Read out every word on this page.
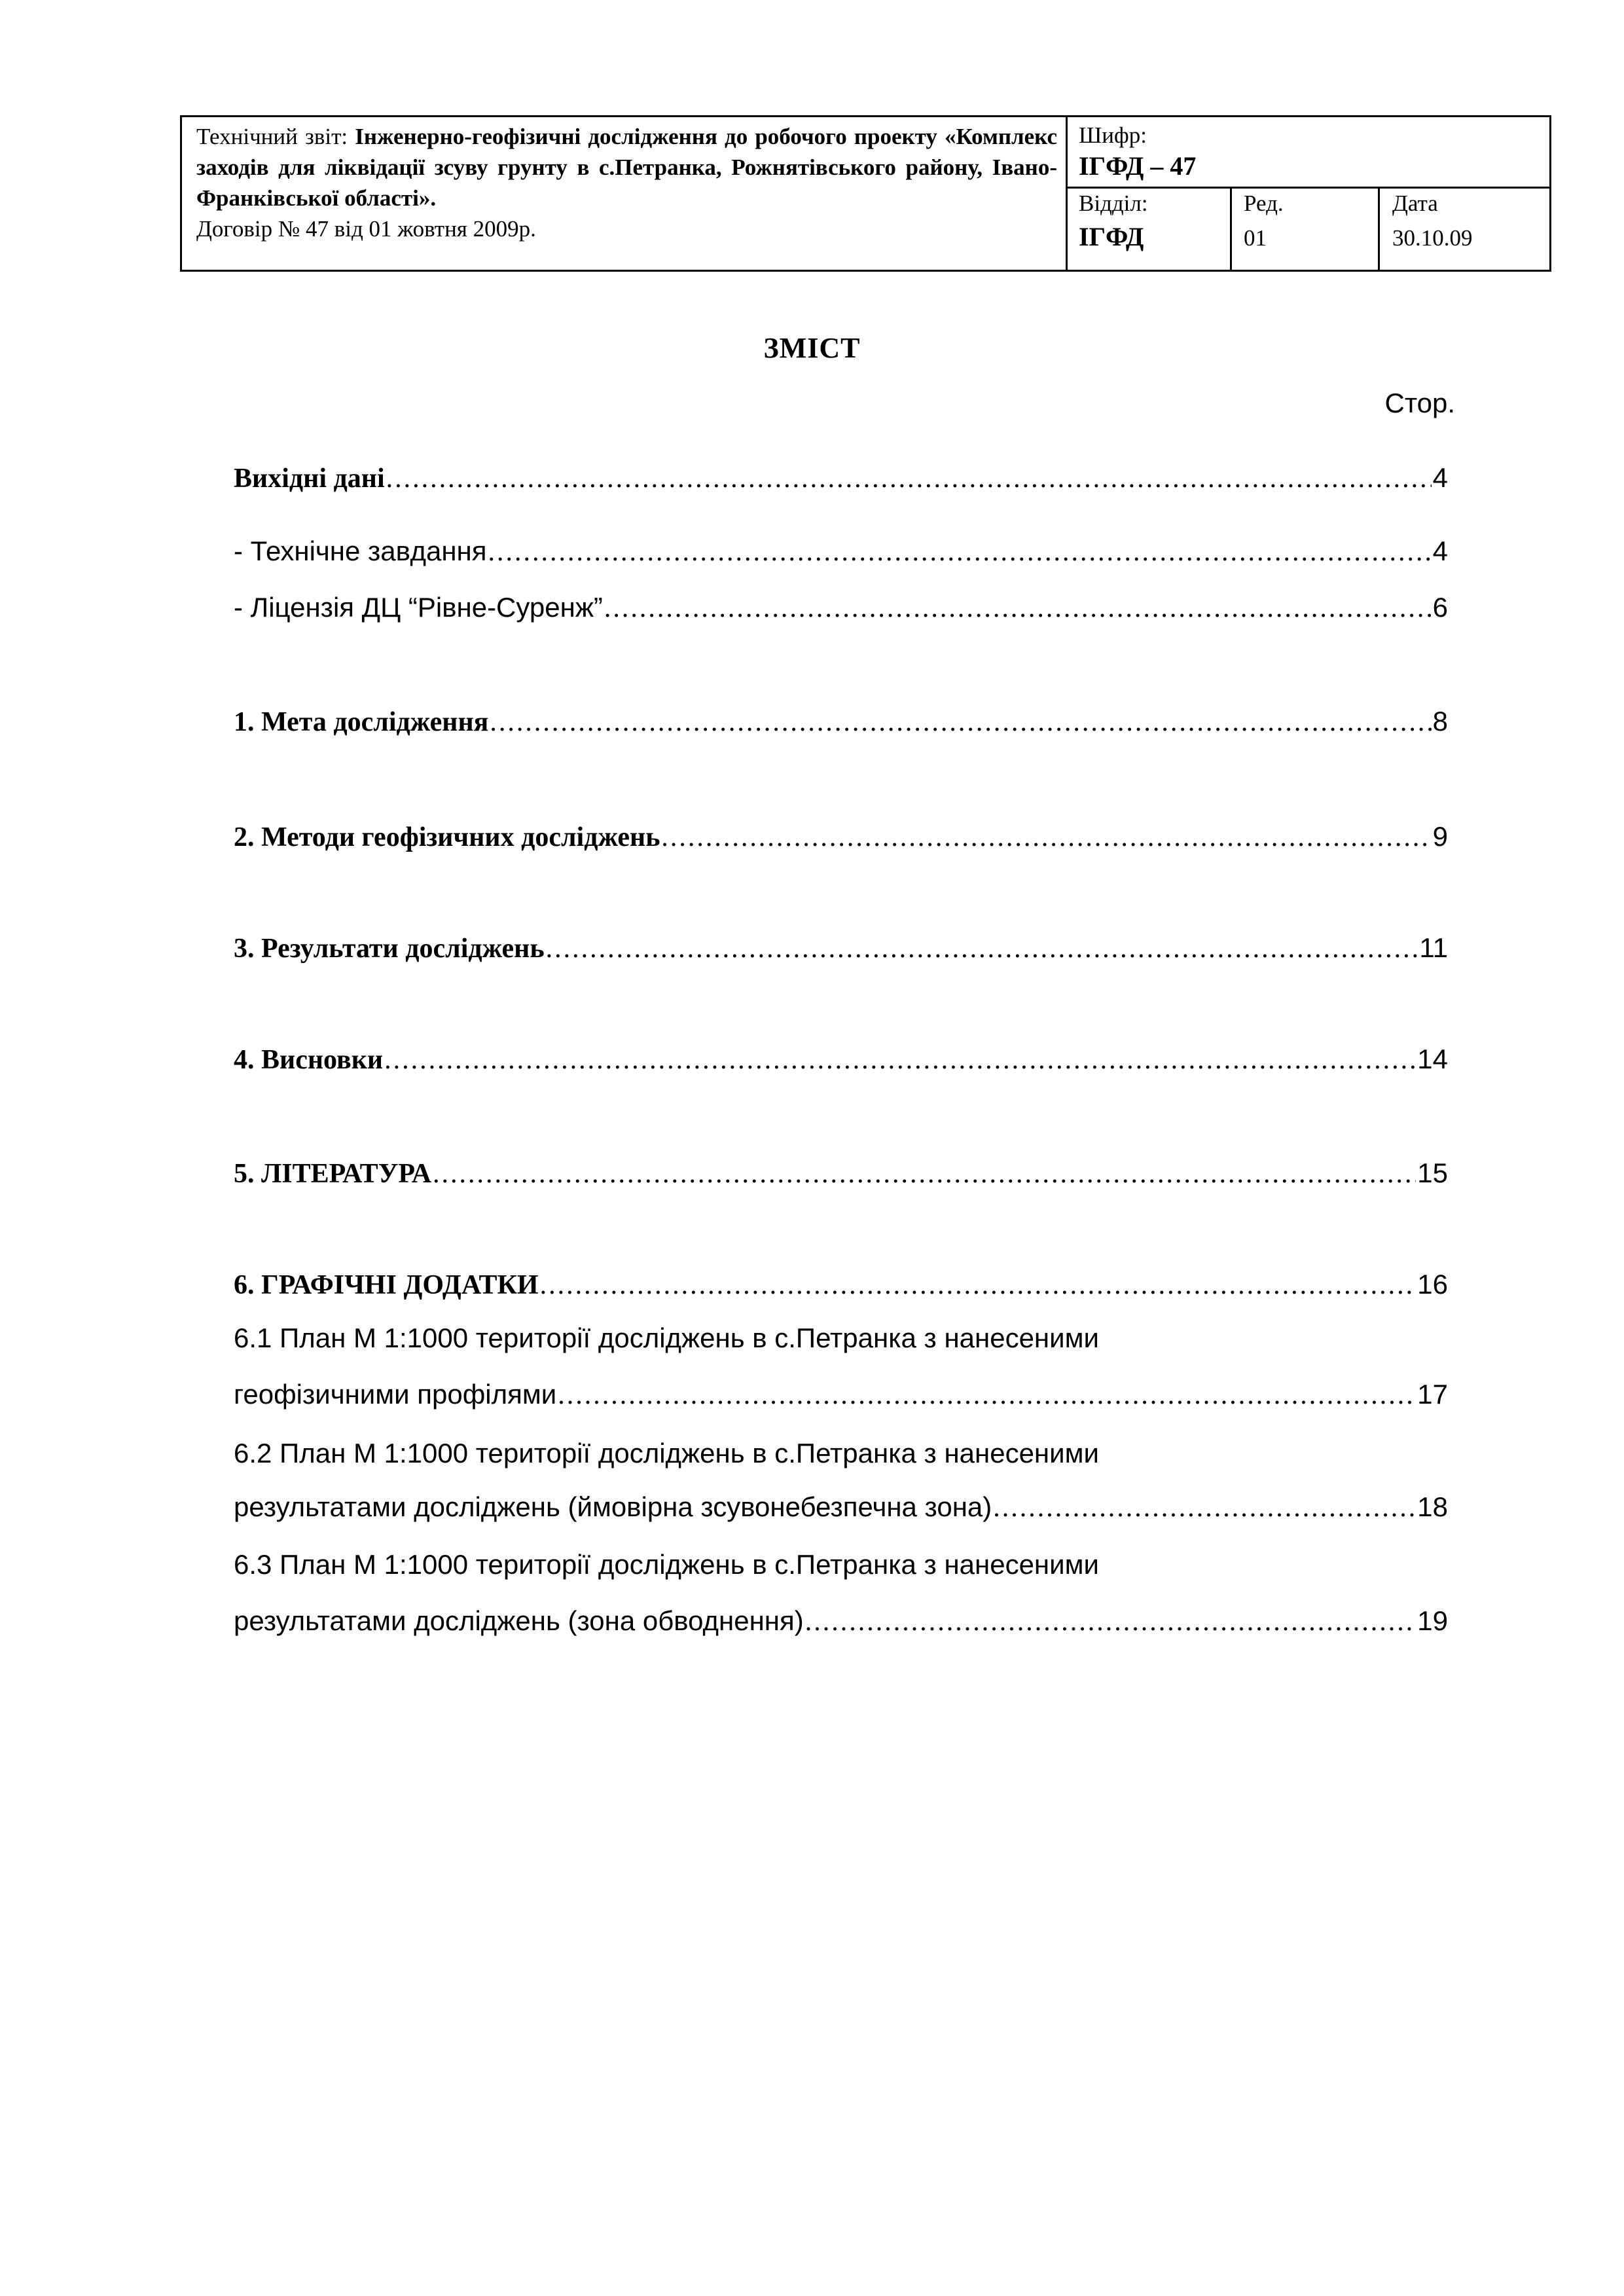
Технічний звіт: Інженерно-геофізичні дослідження до робочого проекту «Комплекс заходів для ліквідації зсуву грунту в с.Петранка, Рожнятівського району, Івано-Франківської області».
Договір № 47 від 01 жовтня 2009р.
Шифр:
ІГФД – 47
Відділ:
ІГФД
Ред.
01
Дата
30.10.09
ЗМІСТ
Стор.
Вихідні дані .....	4
- Технічне завдання .....	4
- Ліцензія ДЦ “Рівне-Суренж” .....	6
1. Мета дослідження .....	8
2. Методи геофізичних досліджень .....	9
3. Результати досліджень .....	11
4. Висновки .....	14
5. ЛІТЕРАТУРА .....	15
6. ГРАФІЧНІ ДОДАТКИ .....	16
6.1 План М 1:1000 території досліджень в с.Петранка з нанесеними
геофізичними профілями .....	17
6.2 План М 1:1000 території досліджень в с.Петранка з нанесеними
результатами досліджень (ймовірна зсувонебезпечна зона) .....	18
6.3 План М 1:1000 території досліджень в с.Петранка з нанесеними
результатами досліджень (зона обводнення) .....	19
